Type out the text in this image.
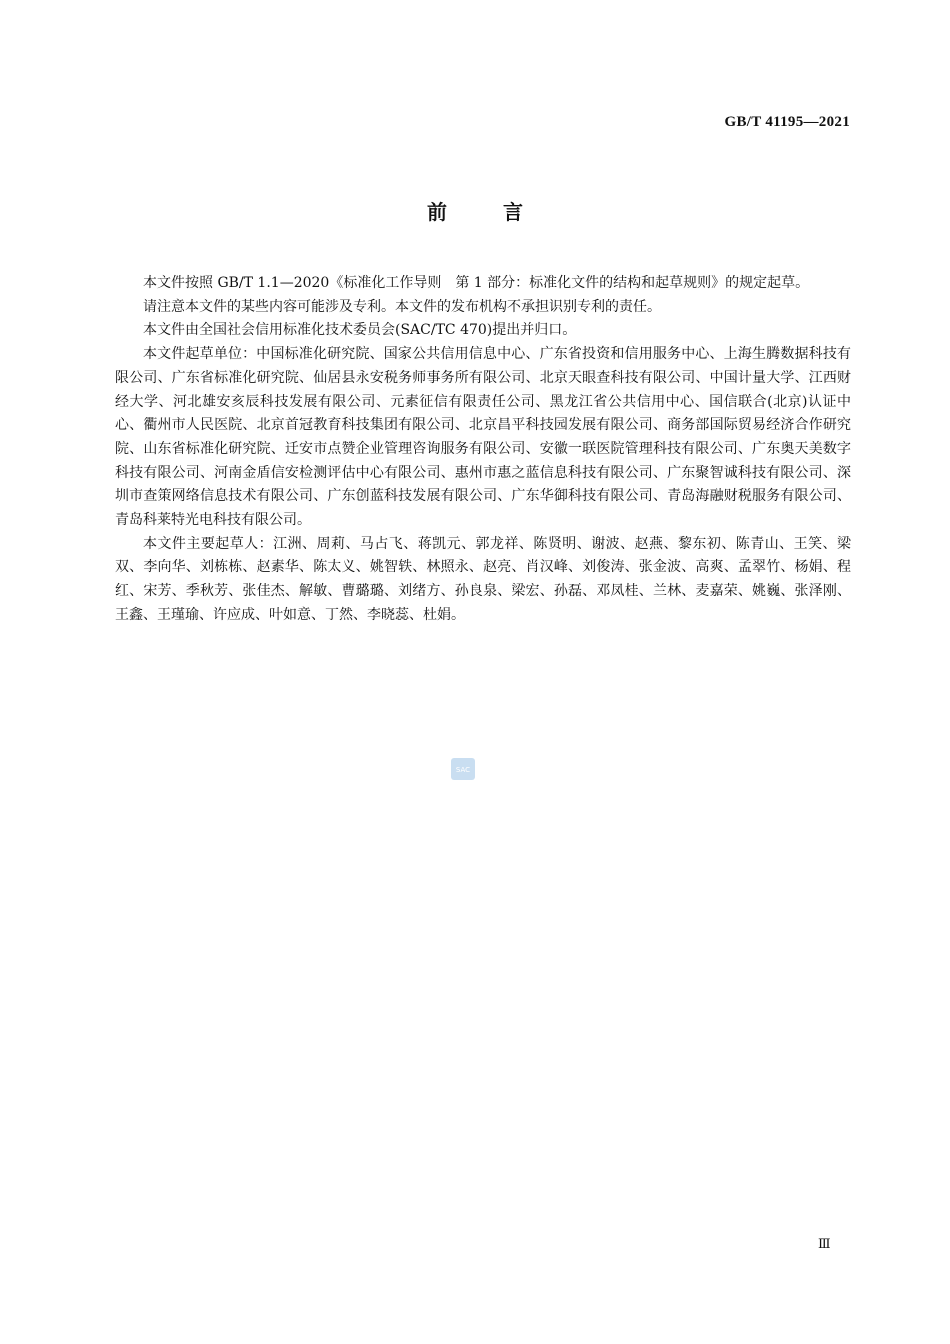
GB/T 41195—2021
前	言

本文件按照 GB/T 1.1—2020《标准化工作导则　第 1 部分：标准化文件的结构和起草规则》的规定起草。

请注意本文件的某些内容可能涉及专利。本文件的发布机构不承担识别专利的责任。

本文件由全国社会信用标准化技术委员会(SAC/TC 470)提出并归口。

本文件起草单位：中国标准化研究院、国家公共信用信息中心、广东省投资和信用服务中心、上海生腾数据科技有限公司、广东省标准化研究院、仙居县永安税务师事务所有限公司、北京天眼查科技有限公司、中国计量大学、江西财经大学、河北雄安亥辰科技发展有限公司、元素征信有限责任公司、黑龙江省公共信用中心、国信联合(北京)认证中心、衢州市人民医院、北京首冠教育科技集团有限公司、北京昌平科技园发展有限公司、商务部国际贸易经济合作研究院、山东省标准化研究院、迁安市点赞企业管理咨询服务有限公司、安徽一联医院管理科技有限公司、广东奥天美数字科技有限公司、河南金盾信安检测评估中心有限公司、惠州市惠之蓝信息科技有限公司、广东聚智诚科技有限公司、深圳市查策网络信息技术有限公司、广东创蓝科技发展有限公司、广东华御科技有限公司、青岛海融财税服务有限公司、青岛科莱特光电科技有限公司。

本文件主要起草人：江洲、周莉、马占飞、蒋凯元、郭龙祥、陈贤明、谢波、赵燕、黎东初、陈青山、王笑、梁双、李向华、刘栋栋、赵素华、陈太义、姚智轶、林照永、赵亮、肖汉峰、刘俊涛、张金波、高爽、孟翠竹、杨娟、程红、宋芳、季秋芳、张佳杰、解敏、曹璐璐、刘绪方、孙良泉、梁宏、孙磊、邓凤桂、兰林、麦嘉荣、姚巍、张泽刚、王鑫、王瑾瑜、许应成、叶如意、丁然、李晓蕊、杜娟。

SAC
Ⅲ
